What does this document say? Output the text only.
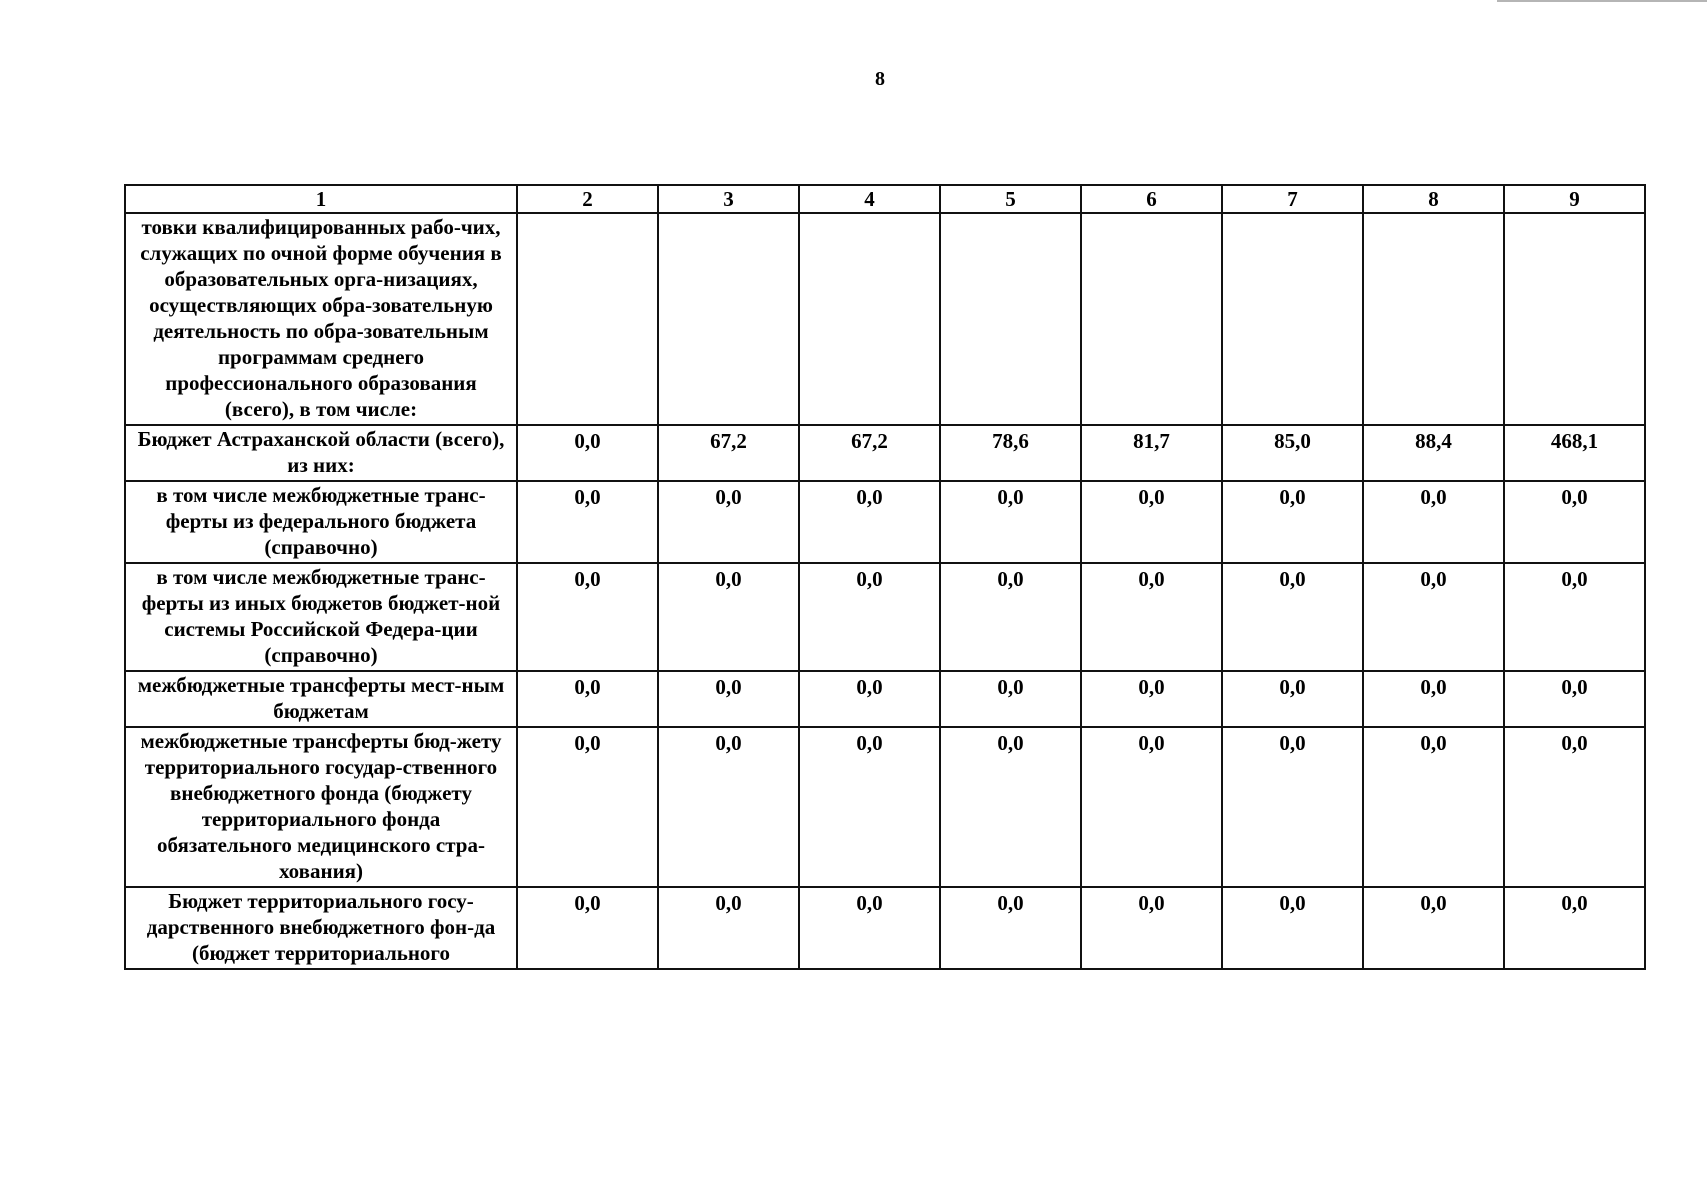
8
1	2	3	4	5	6	7	8	9
товки квалифицированных рабо-чих, служащих по очной форме обучения в образовательных орга-низациях, осуществляющих обра-зовательную деятельность по обра-зовательным программам среднего профессионального образования (всего), в том числе:								
Бюджет Астраханской области (всего), из них:	0,0	67,2	67,2	78,6	81,7	85,0	88,4	468,1
в том числе межбюджетные транс-ферты из федерального бюджета (справочно)	0,0	0,0	0,0	0,0	0,0	0,0	0,0	0,0
в том числе межбюджетные транс-ферты из иных бюджетов бюджет-ной системы Российской Федера-ции (справочно)	0,0	0,0	0,0	0,0	0,0	0,0	0,0	0,0
межбюджетные трансферты мест-ным бюджетам	0,0	0,0	0,0	0,0	0,0	0,0	0,0	0,0
межбюджетные трансферты бюд-жету территориального государ-ственного внебюджетного фонда (бюджету территориального фонда обязательного медицинского стра-хования)	0,0	0,0	0,0	0,0	0,0	0,0	0,0	0,0
Бюджет территориального госу-дарственного внебюджетного фон-да (бюджет территориального	0,0	0,0	0,0	0,0	0,0	0,0	0,0	0,0
